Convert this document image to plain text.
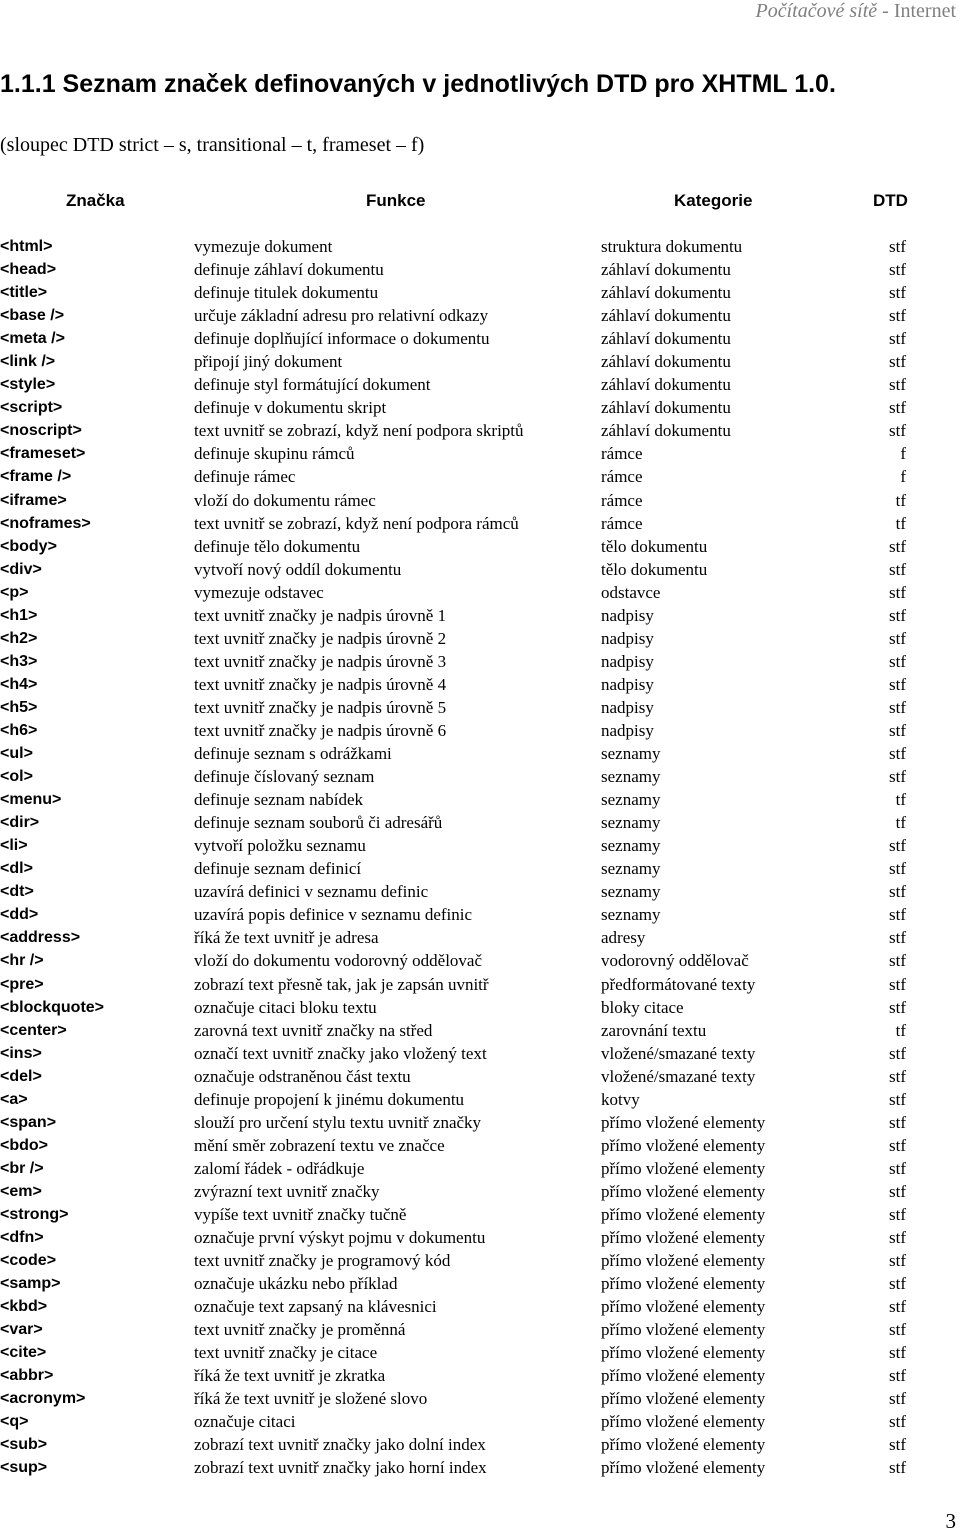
Počítačové sítě - Internet
1.1.1 Seznam značek definovaných v jednotlivých DTD pro XHTML 1.0.
(sloupec DTD strict – s, transitional – t, frameset – f)
Značka	Funkce	Kategorie	DTD
<html>	vymezuje dokument	struktura dokumentu	stf
<head>	definuje záhlaví dokumentu	záhlaví dokumentu	stf
<title>	definuje titulek dokumentu	záhlaví dokumentu	stf
<base />	určuje základní adresu pro relativní odkazy	záhlaví dokumentu	stf
<meta />	definuje doplňující informace o dokumentu	záhlaví dokumentu	stf
<link />	připojí jiný dokument	záhlaví dokumentu	stf
<style>	definuje styl formátující dokument	záhlaví dokumentu	stf
<script>	definuje v dokumentu skript	záhlaví dokumentu	stf
<noscript>	text uvnitř se zobrazí, když není podpora skriptů	záhlaví dokumentu	stf
<frameset>	definuje skupinu rámců	rámce	f
<frame />	definuje rámec	rámce	f
<iframe>	vloží do dokumentu rámec	rámce	tf
<noframes>	text uvnitř se zobrazí, když není podpora rámců	rámce	tf
<body>	definuje tělo dokumentu	tělo dokumentu	stf
<div>	vytvoří nový oddíl dokumentu	tělo dokumentu	stf
<p>	vymezuje odstavec	odstavce	stf
<h1>	text uvnitř značky je nadpis úrovně 1	nadpisy	stf
<h2>	text uvnitř značky je nadpis úrovně 2	nadpisy	stf
<h3>	text uvnitř značky je nadpis úrovně 3	nadpisy	stf
<h4>	text uvnitř značky je nadpis úrovně 4	nadpisy	stf
<h5>	text uvnitř značky je nadpis úrovně 5	nadpisy	stf
<h6>	text uvnitř značky je nadpis úrovně 6	nadpisy	stf
<ul>	definuje seznam s odrážkami	seznamy	stf
<ol>	definuje číslovaný seznam	seznamy	stf
<menu>	definuje seznam nabídek	seznamy	tf
<dir>	definuje seznam souborů či adresářů	seznamy	tf
<li>	vytvoří položku seznamu	seznamy	stf
<dl>	definuje seznam definicí	seznamy	stf
<dt>	uzavírá definici v seznamu definic	seznamy	stf
<dd>	uzavírá popis definice v seznamu definic	seznamy	stf
<address>	říká že text uvnitř je adresa	adresy	stf
<hr />	vloží do dokumentu vodorovný oddělovač	vodorovný oddělovač	stf
<pre>	zobrazí text přesně tak, jak je zapsán uvnitř	předformátované texty	stf
<blockquote>	označuje citaci bloku textu	bloky citace	stf
<center>	zarovná text uvnitř značky na střed	zarovnání textu	tf
<ins>	označí text uvnitř značky jako vložený text	vložené/smazané texty	stf
<del>	označuje odstraněnou část textu	vložené/smazané texty	stf
<a>	definuje propojení k jinému dokumentu	kotvy	stf
<span>	slouží pro určení stylu textu uvnitř značky	přímo vložené elementy	stf
<bdo>	mění směr zobrazení textu ve značce	přímo vložené elementy	stf
<br />	zalomí řádek - odřádkuje	přímo vložené elementy	stf
<em>	zvýrazní text uvnitř značky	přímo vložené elementy	stf
<strong>	vypíše text uvnitř značky tučně	přímo vložené elementy	stf
<dfn>	označuje první výskyt pojmu v dokumentu	přímo vložené elementy	stf
<code>	text uvnitř značky je programový kód	přímo vložené elementy	stf
<samp>	označuje ukázku nebo příklad	přímo vložené elementy	stf
<kbd>	označuje text zapsaný na klávesnici	přímo vložené elementy	stf
<var>	text uvnitř značky je proměnná	přímo vložené elementy	stf
<cite>	text uvnitř značky je citace	přímo vložené elementy	stf
<abbr>	říká že text uvnitř je zkratka	přímo vložené elementy	stf
<acronym>	říká že text uvnitř je složené slovo	přímo vložené elementy	stf
<q>	označuje citaci	přímo vložené elementy	stf
<sub>	zobrazí text uvnitř značky jako dolní index	přímo vložené elementy	stf
<sup>	zobrazí text uvnitř značky jako horní index	přímo vložené elementy	stf
3
